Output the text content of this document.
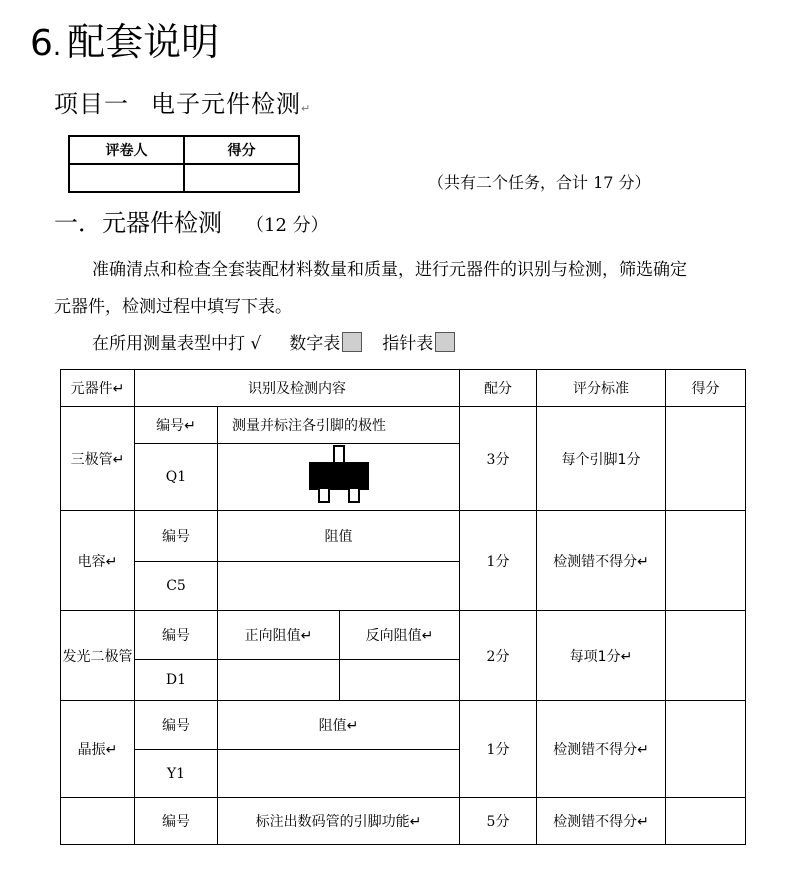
6. 配套说明
项目一 电子元件检测↵
评卷人	得分

（共有二个任务，合计 17 分）
一．元器件检测 （12 分）
准确清点和检查全套装配材料数量和质量，进行元器件的识别与检测，筛选确定
元器件，检测过程中填写下表。
在所用测量表型中打 √ 数字表 指针表
元器件↵	识别及检测内容			配分	评分标准	得分
三极管↵	编号↵	测量并标注各引脚的极性		3分	每个引脚1分	
	Q1	
电容↵	编号	阻值		1分	检测错不得分↵	
	C5					
发光二极管	编号	正向阻值↵	反向阻值↵	2分	每项1分↵	
	D1					
晶振↵	编号	阻值↵		1分	检测错不得分↵	
	Y1					
	编号	标注出数码管的引脚功能↵		5分	检测错不得分↵	
